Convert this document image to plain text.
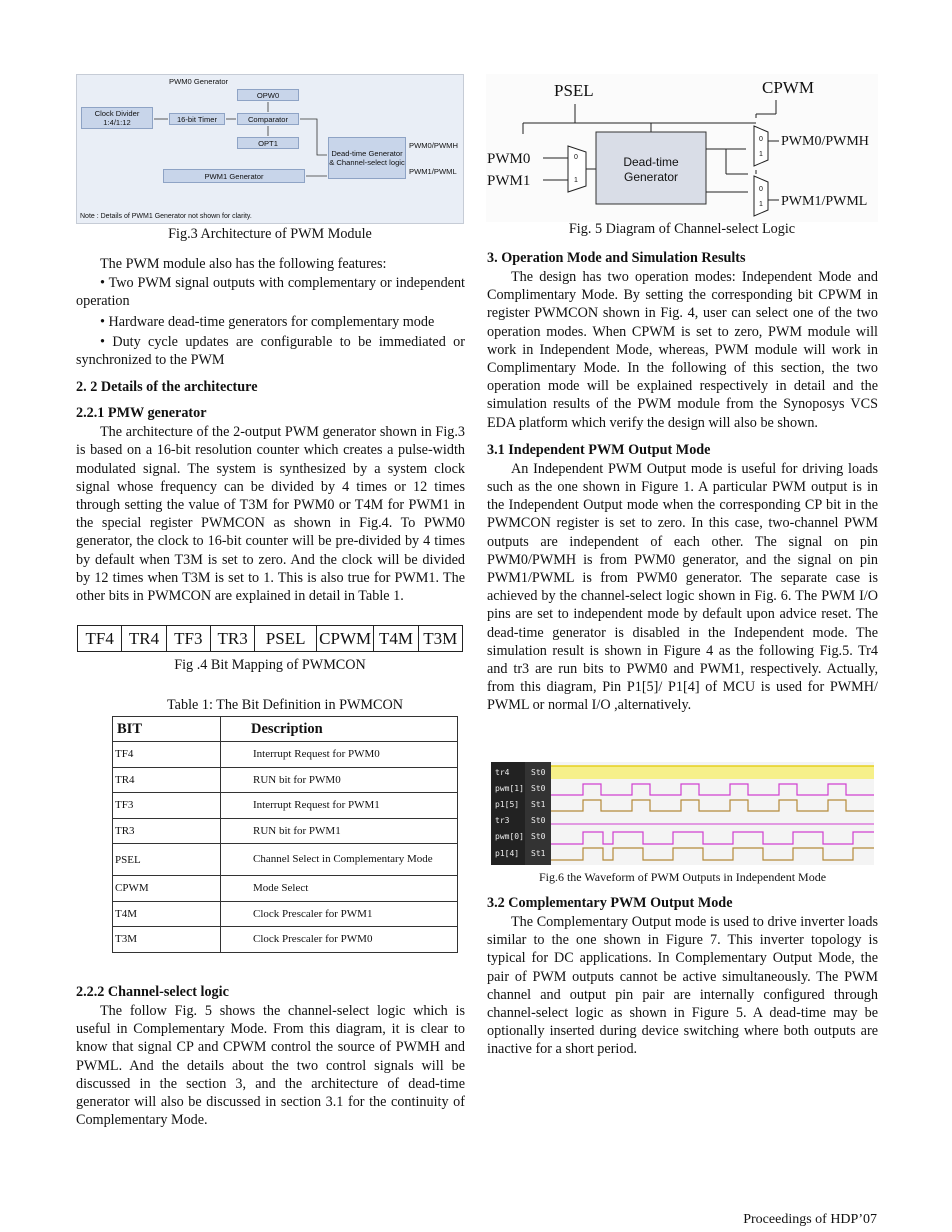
PWM0 Generator
Clock Divider 1:4/1:12	16-bit Timer
OPW0
Comparator
OPT1
Dead-time Generator & Channel-select logic
PWM1 Generator
PWM0/PWMH
PWM1/PWML
Note : Details of PWM1 Generator not shown for clarity.
Fig.3 Architecture of PWM Module

The PWM module also has the following features:

• Two PWM signal outputs with complementary or independent operation

• Hardware dead-time generators for complementary mode

• Duty cycle updates are configurable to be immediated or synchronized to the PWM

2. 2 Details of the architecture

2.2.1 PMW generator

The architecture of the 2-output PWM generator shown in Fig.3 is based on a 16-bit resolution counter which creates a pulse-width modulated signal. The system is synthesized by a system clock signal whose frequency can be divided by 4 times or 12 times through setting the value of T3M for PWM0 or T4M for PWM1 in the special register PWMCON as shown in Fig.4. To PWM0 generator, the clock to 16-bit counter will be pre-divided by 4 times by default when T3M is set to zero. And the clock will be divided by 12 times when T3M is set to 1. This is also true for PWM1. The other bits in PWMCON are explained in detail in Table 1.

TF4 TR4 TF3 TR3	PSEL CPWM T4M T3M
Fig .4 Bit Mapping of PWMCON
Table 1: The Bit Definition in PWMCON
BIT	Description
TF4	Interrupt Request for PWM0
TR4	RUN bit for PWM0
TF3	Interrupt Request for PWM1
TR3	RUN bit for PWM1
PSEL	Channel Select in Complementary Mode
CPWM	Mode Select
T4M	Clock Prescaler for PWM1
T3M	Clock Prescaler for PWM0

2.2.2 Channel-select logic

The follow Fig. 5 shows the channel-select logic which is useful in Complementary Mode. From this diagram, it is clear to know that signal CP and CPWM control the source of PWMH and PWML. And the details about the two control signals will be discussed in the section 3, and the architecture of dead-time generator will also be discussed in section 3.1 for the continuity of Complementary Mode.

PSEL	CPWM
PWM0
PWM1
PWM0/PWMH
PWM1/PWML
0
1
0
1
0
1
Dead-time
Generator
Fig. 5 Diagram of Channel-select Logic

3. Operation Mode and Simulation Results

The design has two operation modes: Independent Mode and Complimentary Mode. By setting the corresponding bit CPWM in register PWMCON shown in Fig. 4, user can select one of the two operation modes. When CPWM is set to zero, PWM module will work in Independent Mode, whereas, PWM module will work in Complimentary Mode. In the following of this section, the two operation mode will be explained respectively in detail and the simulation results of the PWM module from the Synoposys VCS EDA platform which verify the design will also be shown.

3.1 Independent PWM Output Mode

An Independent PWM Output mode is useful for driving loads such as the one shown in Figure 1. A particular PWM output is in the Independent Output mode when the corresponding CP bit in the PWMCON register is set to zero. In this case, two-channel PWM outputs are independent of each other. The signal on pin PWM0/PWMH is from PWM0 generator, and the signal on pin PWM1/PWML is from PWM0 generator. The separate case is achieved by the channel-select logic shown in Fig. 6. The PWM I/O pins are set to independent mode by default upon advice reset. The dead-time generator is disabled in the Independent mode. The simulation result is shown in Figure 4 as the following Fig.5. Tr4 and tr3 are run bits to PWM0 and PWM1, respectively. Actually, from this diagram, Pin P1[5]/ P1[4] of MCU is used for PWMH/ PWML or normal I/O ,alternatively.

tr4
pwm[1]
p1[5]
tr3
pwm[0]
p1[4]
St0
St0
St1
St0
St0
St1
Fig.6 the Waveform of PWM Outputs in Independent Mode

3.2 Complementary PWM Output Mode

The Complementary Output mode is used to drive inverter loads similar to the one shown in Figure 7. This inverter topology is typical for DC applications. In Complementary Output Mode, the pair of PWM outputs cannot be active simultaneously. The PWM channel and output pin pair are internally configured through channel-select logic as shown in Figure 5. A dead-time may be optionally inserted during device switching where both outputs are inactive for a short period.

Proceedings of HDP’07
